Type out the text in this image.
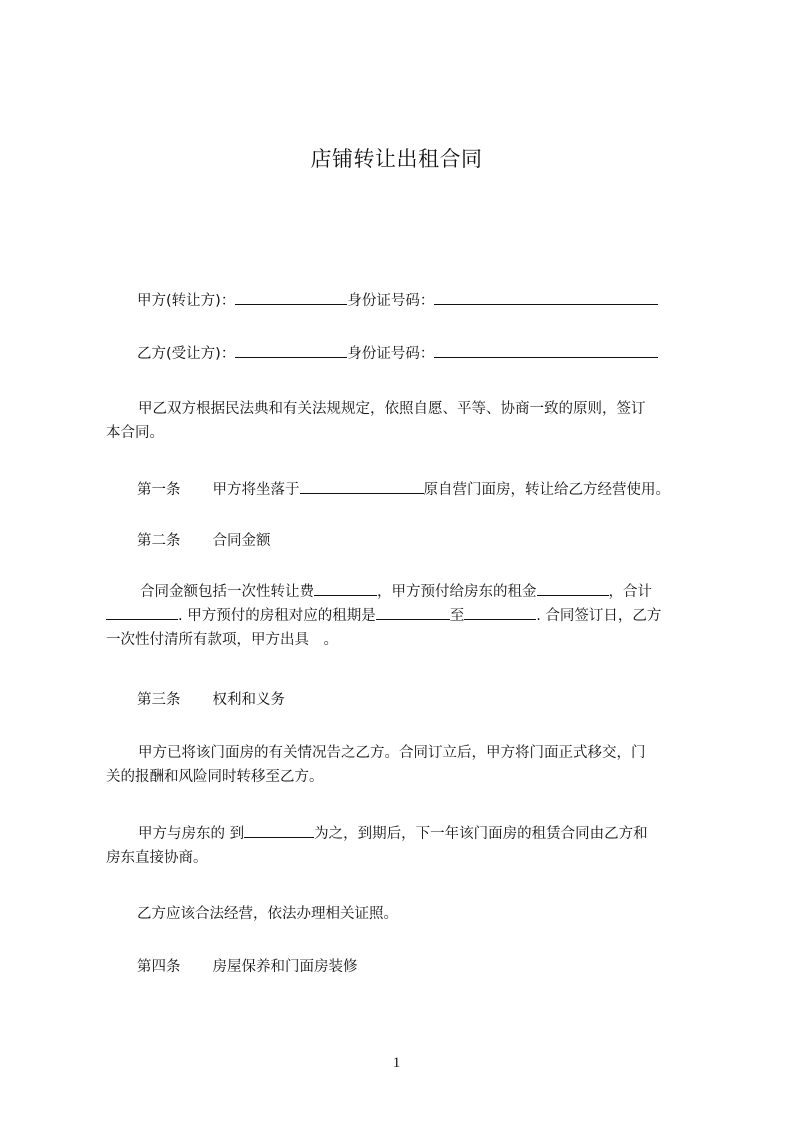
店铺转让出租合同
甲方(转让方)：	身份证号码：
乙方(受让方)：	身份证号码：
甲乙双方根据民法典和有关法规规定，依照自愿、平等、协商一致的原则，签订
本合同。
第一条 甲方将坐落于	原自营门面房，转让给乙方经营使用。
第二条 合同金额
合同金额包括一次性转让费	，甲方预付给房东的租金	，合计
. 甲方预付的房租对应的租期是	至	. 合同签订日，乙方
一次性付清所有款项，甲方出具　。
第三条 权利和义务
甲方已将该门面房的有关情况告之乙方。合同订立后，甲方将门面正式移交，门
关的报酬和风险同时转移至乙方。
甲方与房东的 到	为之，到期后，下一年该门面房的租赁合同由乙方和
房东直接协商。
乙方应该合法经营，依法办理相关证照。
第四条 房屋保养和门面房装修
1
